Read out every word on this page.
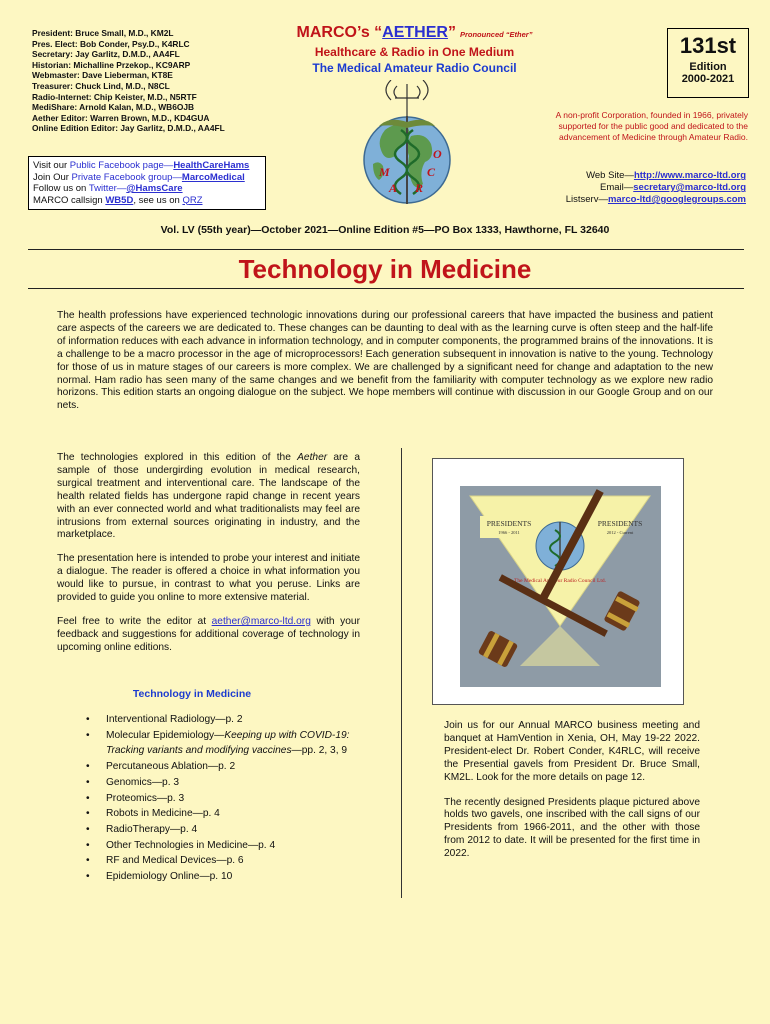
President: Bruce Small, M.D., KM2L
Pres. Elect: Bob Conder, Psy.D., K4RLC
Secretary: Jay Garlitz, D.M.D., AA4FL
Historian: Michalline Przekop., KC9ARP
Webmaster: Dave Lieberman, KT8E
Treasurer: Chuck Lind, M.D., N8CL
Radio-Internet: Chip Keister, M.D., N5RTF
MediShare: Arnold Kalan, M.D., WB6OJB
Aether Editor: Warren Brown, M.D., KD4GUA
Online Edition Editor: Jay Garlitz, D.M.D., AA4FL
MARCO’s “AETHER” Pronounced “Ether”
Healthcare & Radio in One Medium
The Medical Amateur Radio Council
M
A R
C
O
131st
Edition
2000-2021
A non-profit Corporation, founded in 1966, privately supported for the public good and dedicated to the advancement of Medicine through Amateur Radio.
Visit our Public Facebook page—HealthCareHams
Join Our Private Facebook group—MarcoMedical
Follow us on Twitter—@HamsCare
MARCO callsign WB5D, see us on QRZ
Web Site—http://www.marco-ltd.org
Email—secretary@marco-ltd.org
Listserv—marco-ltd@googlegroups.com
Vol. LV (55th year)—October 2021—Online Edition #5—PO Box 1333, Hawthorne, FL 32640
Technology in Medicine
The health professions have experienced technologic innovations during our professional careers that have impacted the business and patient care aspects of the careers we are dedicated to. These changes can be daunting to deal with as the learning curve is often steep and the half-life of information reduces with each advance in information technology, and in computer components, the programmed brains of the innovations. It is a challenge to be a macro processor in the age of microprocessors! Each generation subsequent in innovation is native to the young. Technology for those of us in mature stages of our careers is more complex. We are challenged by a significant need for change and adaptation to the new normal. Ham radio has seen many of the same changes and we benefit from the familiarity with computer technology as we explore new radio horizons. This edition starts an ongoing dialogue on the subject. We hope members will continue with discussion in our Google Group and on our nets.

The technologies explored in this edition of the Aether are a sample of those undergirding evolution in medical research, surgical treatment and interventional care. The landscape of the health related fields has undergone rapid change in recent years with an ever connected world and what traditionalists may feel are intrusions from external sources originating in industry, and the marketplace.

The presentation here is intended to probe your interest and initiate a dialogue. The reader is offered a choice in what information you would like to pursue, in contrast to what you peruse. Links are provided to guide you online to more extensive material.

Feel free to write the editor at aether@marco-ltd.org with your feedback and suggestions for additional coverage of technology in upcoming online editions.

Technology in Medicine
• Interventional Radiology—p. 2
• Molecular Epidemiology—Keeping up with COVID-19: Tracking variants and modifying vaccines—pp. 2, 3, 9
• Percutaneous Ablation—p. 2
• Genomics—p. 3
• Proteomics—p. 3
• Robots in Medicine—p. 4
• RadioTherapy—p. 4
• Other Technologies in Medicine—p. 4
• RF and Medical Devices—p. 6
• Epidemiology Online—p. 10
PRESIDENTS
1966 - 2011
PRESIDENTS
2012 - Current
The Medical Amateur Radio Council Ltd.

Join us for our Annual MARCO business meeting and banquet at HamVention in Xenia, OH, May 19-22 2022. President-elect Dr. Robert Conder, K4RLC, will receive the Presential gavels from President Dr. Bruce Small, KM2L. Look for the more details on page 12.

The recently designed Presidents plaque pictured above holds two gavels, one inscribed with the call signs of our Presidents from 1966-2011, and the other with those from 2012 to date. It will be presented for the first time in 2022.
